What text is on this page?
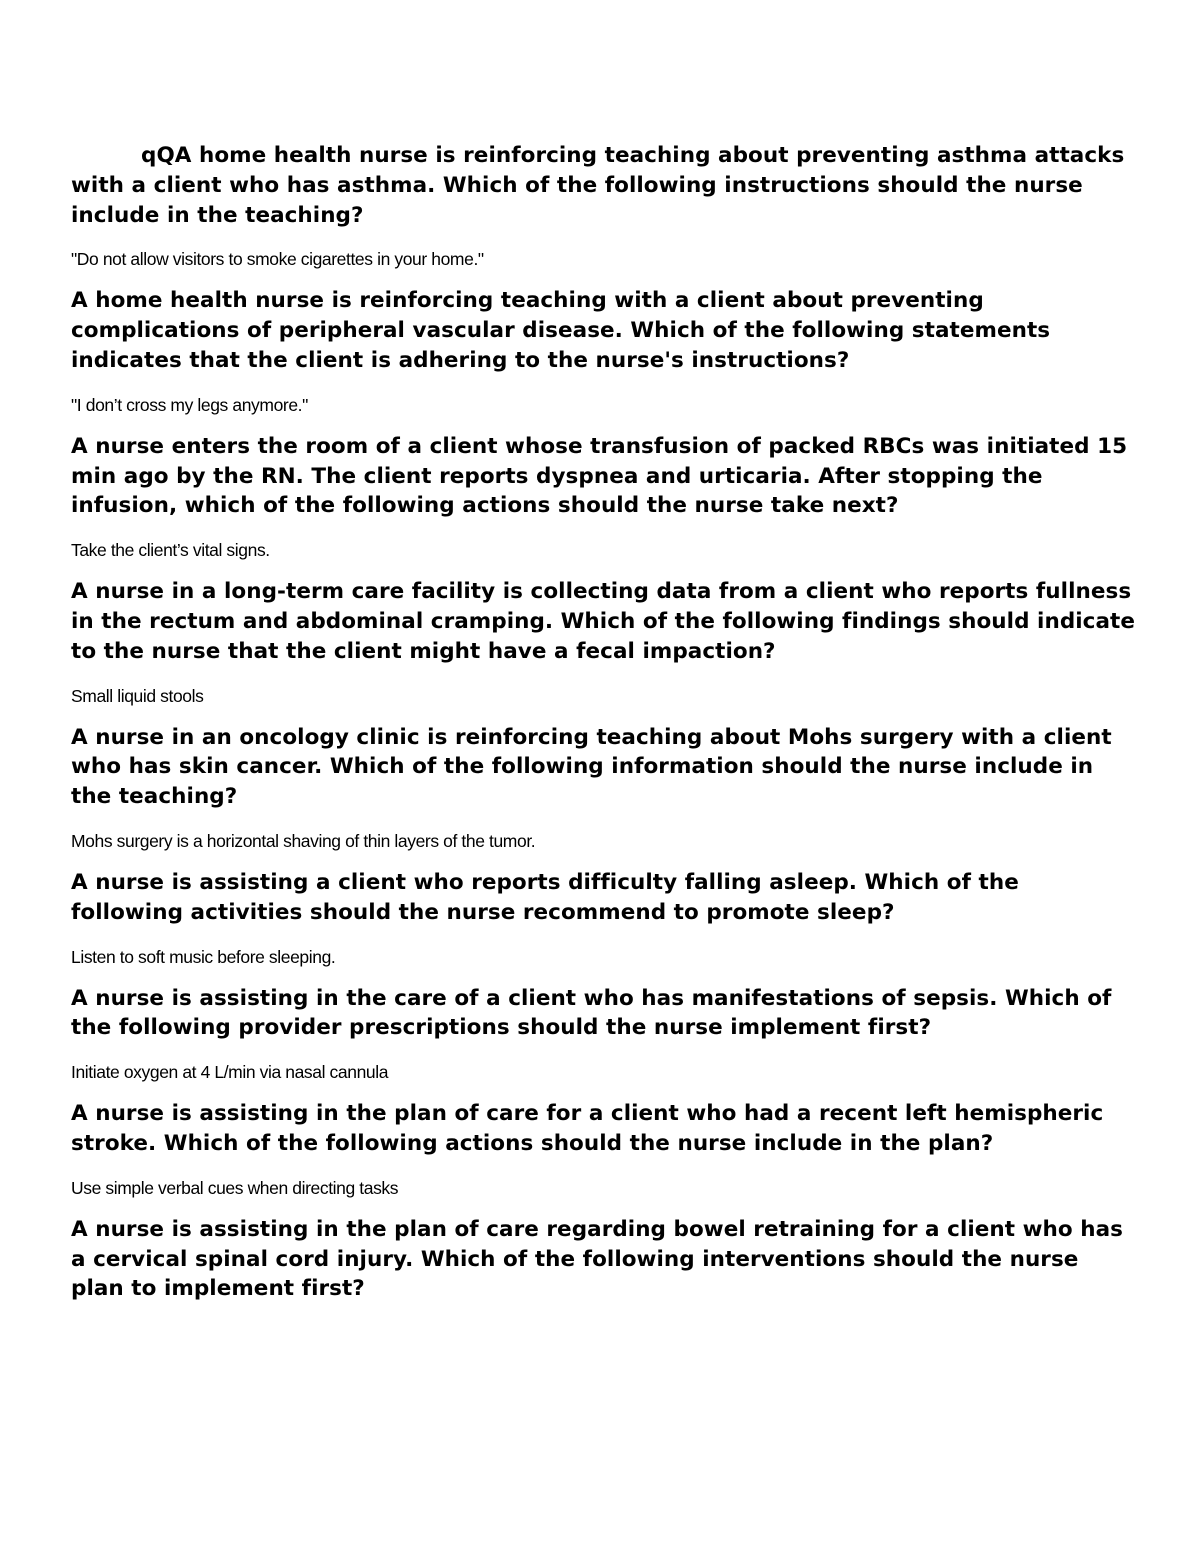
qQA home health nurse is reinforcing teaching about preventing asthma attacks with a client who has asthma. Which of the following instructions should the nurse include in the teaching?

"Do not allow visitors to smoke cigarettes in your home."

A home health nurse is reinforcing teaching with a client about preventing complications of peripheral vascular disease. Which of the following statements indicates that the client is adhering to the nurse's instructions?

"I don’t cross my legs anymore."

A nurse enters the room of a client whose transfusion of packed RBCs was initiated 15 min ago by the RN. The client reports dyspnea and urticaria. After stopping the infusion, which of the following actions should the nurse take next?

Take the client’s vital signs.

A nurse in a long-term care facility is collecting data from a client who reports fullness in the rectum and abdominal cramping. Which of the following findings should indicate to the nurse that the client might have a fecal impaction?

Small liquid stools

A nurse in an oncology clinic is reinforcing teaching about Mohs surgery with a client who has skin cancer. Which of the following information should the nurse include in the teaching?

Mohs surgery is a horizontal shaving of thin layers of the tumor.

A nurse is assisting a client who reports difficulty falling asleep. Which of the following activities should the nurse recommend to promote sleep?

Listen to soft music before sleeping.

A nurse is assisting in the care of a client who has manifestations of sepsis. Which of the following provider prescriptions should the nurse implement first?

Initiate oxygen at 4 L/min via nasal cannula

A nurse is assisting in the plan of care for a client who had a recent left hemispheric stroke. Which of the following actions should the nurse include in the plan?

Use simple verbal cues when directing tasks

A nurse is assisting in the plan of care regarding bowel retraining for a client who has a cervical spinal cord injury. Which of the following interventions should the nurse plan to implement first?
